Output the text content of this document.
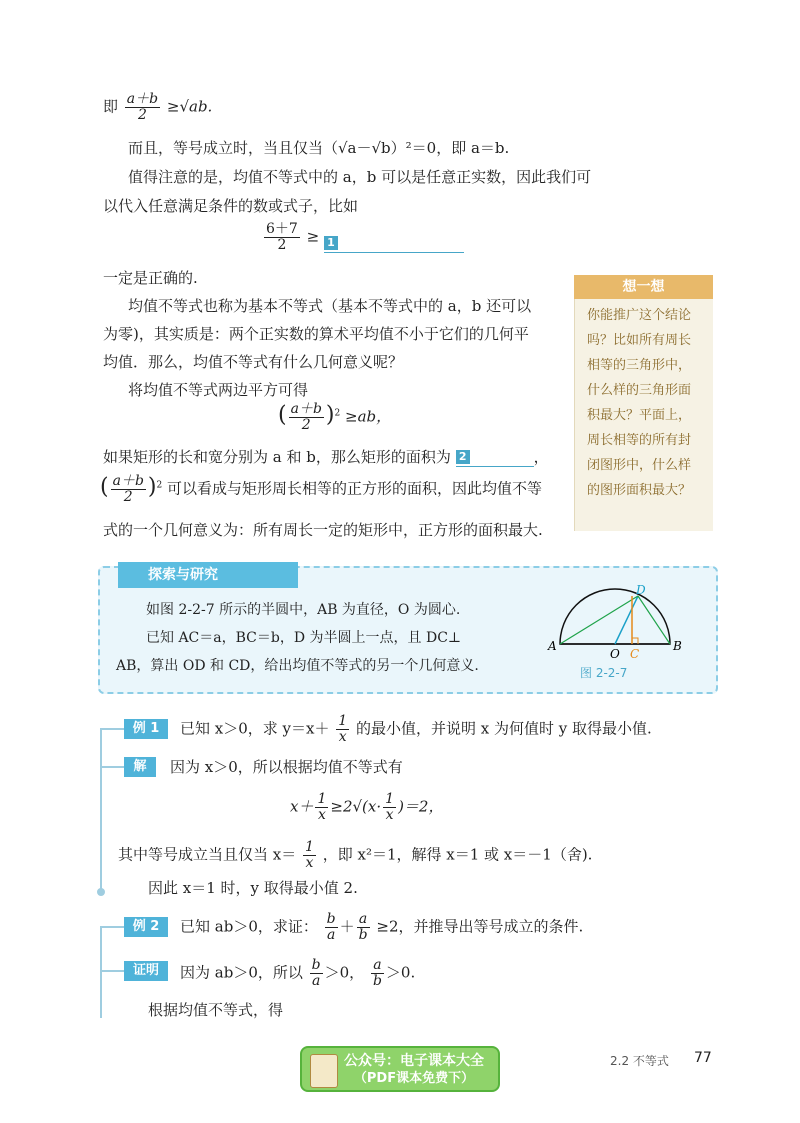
即 $\frac{a+b}{2} \ge√ab$.
而且，等号成立时，当且仅当（√a－√b）²＝0，即 a＝b.
值得注意的是，均值不等式中的 a，b 可以是任意正实数，因此我们可
以代入任意满足条件的数或式子，比如
$\frac{6+7}{2} \ge 1$
一定是正确的.
均值不等式也称为基本不等式（基本不等式中的 a，b 还可以
为零)，其实质是：两个正实数的算术平均值不小于它们的几何平
均值．那么，均值不等式有什么几何意义呢？
将均值不等式两边平方可得
( $\frac{a+b}{2} )^2 \ge ab$，
如果矩形的长和宽分别为 a 和 b，那么矩形的面积为 2	，
( $\frac{a+b}{2} )^2$ 可以看成与矩形周长相等的正方形的面积，因此均值不等
式的一个几何意义为：所有周长一定的矩形中，正方形的面积最大.
想一想
你能推广这个结论吗？比如所有周长相等的三角形中，什么样的三角形面积最大？平面上，周长相等的所有封闭图形中，什么样的图形面积最大？
探索与研究
如图 2-2-7 所示的半圆中，AB 为直径，O 为圆心.
已知 AC＝a，BC＝b，D 为半圆上一点，且 DC⊥
AB，算出 OD 和 CD，给出均值不等式的另一个几何意义.
A	B
O C
D
图 2-2-7
例 1	已知 x＞0，求 $y=x+ \frac{1}{x}$ 的最小值，并说明 x 为何值时 y 取得最小值.
解	因为 x＞0，所以根据均值不等式有
$x+ \frac{1}{x} \ge 2√(x\cdot \frac{1}{x} )=2$，
其中等号成立当且仅当 $x= \frac{1}{x}$ ，即 x²＝1，解得 x＝1 或 x＝－1（舍).
因此 x＝1 时，y 取得最小值 2.
例 2	已知 ab＞0，求证： $\frac{b}{a} + \frac{a}{b} \ge 2$，并推导出等号成立的条件.
证明	因为 ab＞0，所以 $\frac{b}{a} >0$， $\frac{a}{b} >0$.
根据均值不等式，得
公众号：电子课本大全
（PDF课本免费下）
2.2 不等式 77
